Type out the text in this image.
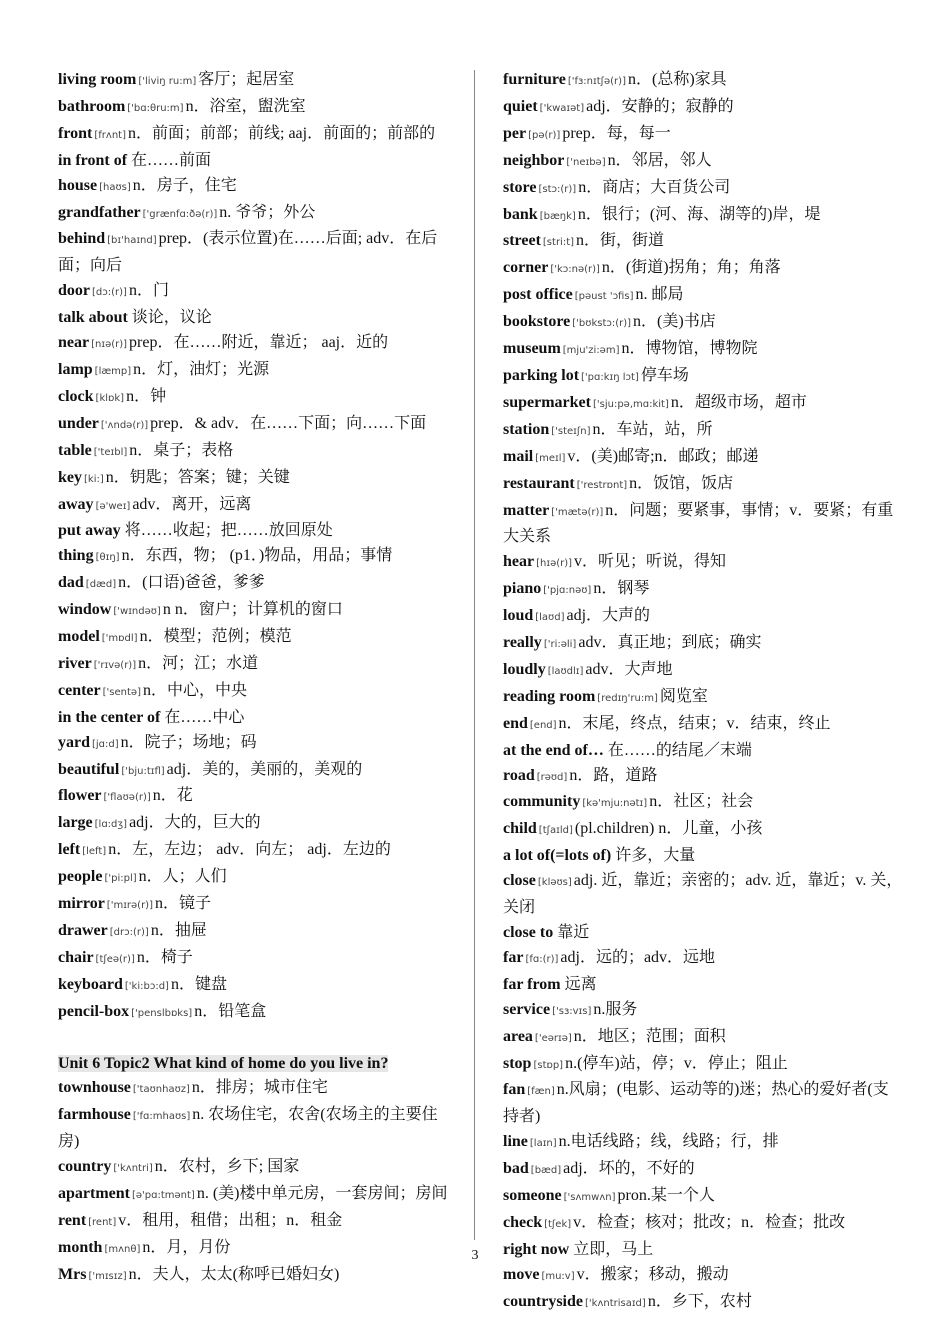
living room ['liviŋ ru:m] 客厅；起居室
bathroom ['bɑ:θru:m] n．浴室，盥洗室
front [frʌnt] n．前面；前部；前线; aaj．前面的；前部的
in front of 在……前面
house [haʊs] n．房子，住宅
grandfather ['grænfɑ:ðə(r)] n. 爷爷；外公
behind [bɪ'haɪnd] prep．(表示位置)在……后面; adv．在后面；向后
door [dɔ:(r)] n．门
talk about 谈论，议论
near [nɪə(r)] prep．在……附近，靠近； aaj．近的
lamp [læmp] n．灯，油灯；光源
clock [klɒk] n．钟
under ['ʌndə(r)] prep．& adv．在……下面；向……下面
table ['teɪbl] n．桌子；表格
key [ki:] n．钥匙；答案；键；关键
away [ə'weɪ] adv．离开，远离
put away 将……收起；把……放回原处
thing [θɪŋ] n．东西，物； (p1．)物品，用品；事情
dad [dæd] n．(口语)爸爸，爹爹
window ['wɪndəʊ] n n．窗户；计算机的窗口
model ['mɒdl] n．模型；范例；模范
river ['rɪvə(r)] n．河；江；水道
center ['sentə] n．中心，中央
in the center of 在……中心
yard [jɑ:d] n．院子；场地；码
beautiful ['bju:tɪfl] adj．美的，美丽的，美观的
flower ['flaʊə(r)] n．花
large [lɑ:dʒ] adj．大的，巨大的
left [left] n．左，左边； adv．向左； adj．左边的
people ['pi:pl] n．人；人们
mirror ['mɪrə(r)] n．镜子
drawer [drɔ:(r)] n．抽屉
chair [tʃeə(r)] n．椅子
keyboard ['ki:bɔ:d] n．键盘
pencil-box ['penslbɒks] n．铅笔盒
Unit 6 Topic2 What kind of home do you live in?
townhouse ['taʊnhaʊz] n．排房；城市住宅
farmhouse ['fɑ:mhaʊs] n. 农场住宅，农舍(农场主的主要住房)
country ['kʌntri] n．农村，乡下; 国家
apartment [ə'pɑ:tmənt] n. (美)楼中单元房，一套房间；房间
rent [rent] v．租用，租借；出租；n．租金
month [mʌnθ] n．月，月份
Mrs ['mɪsɪz] n．夫人，太太(称呼已婚妇女)
furniture ['fɜ:nɪtʃə(r)] n．(总称)家具
quiet ['kwaɪət] adj．安静的；寂静的
per [pə(r)] prep．每，每一
neighbor ['neɪbə] n．邻居，邻人
store [stɔ:(r)] n．商店；大百货公司
bank [bæŋk] n．银行；(河、海、湖等的)岸，堤
street [stri:t] n．街，街道
corner ['kɔ:nə(r)] n．(街道)拐角；角；角落
post office [pəust 'ɔfis] n. 邮局
bookstore ['bʊkstɔ:(r)] n．(美)书店
museum [mju'zi:əm] n．博物馆，博物院
parking lot ['pɑ:kɪŋ lɔt] 停车场
supermarket ['sju:pə,mɑ:kit] n．超级市场，超市
station ['steɪʃn] n．车站，站，所
mail [meɪl] v．(美)邮寄;n．邮政；邮递
restaurant ['restrɒnt] n．饭馆，饭店
matter ['mætə(r)] n．问题；要紧事，事情；v．要紧；有重大关系
hear [hɪə(r)] v．听见；听说，得知
piano ['pjɑ:nəʊ] n．钢琴
loud [laʊd] adj．大声的
really ['ri:əli] adv．真正地；到底；确实
loudly [laʊdlɪ] adv．大声地
reading room [redɪŋ'ru:m] 阅览室
end [end] n．末尾，终点，结束；v．结束，终止
at the end of… 在……的结尾／末端
road [rəʊd] n．路，道路
community [kə'mju:nətɪ] n．社区；社会
child [tʃaɪld] (pl.children) n．儿童，小孩
a lot of(=lots of) 许多，大量
close [kləʊs] adj. 近，靠近；亲密的；adv. 近，靠近；v. 关，关闭
close to 靠近
far [fɑ:(r)] adj．远的；adv．远地
far from 远离
service ['sɜ:vɪs] n.服务
area ['eərɪə] n．地区；范围；面积
stop [stɒp] n.(停车)站，停；v．停止；阻止
fan [fæn] n.风扇；(电影、运动等的)迷；热心的爱好者(支持者)
line [laɪn] n.电话线路；线，线路；行，排
bad [bæd] adj．坏的，不好的
someone ['sʌmwʌn] pron.某一个人
check [tʃek] v．检查；核对；批改；n．检查；批改
right now 立即，马上
move [mu:v] v．搬家；移动，搬动
countryside ['kʌntrisaɪd] n．乡下，农村
3
